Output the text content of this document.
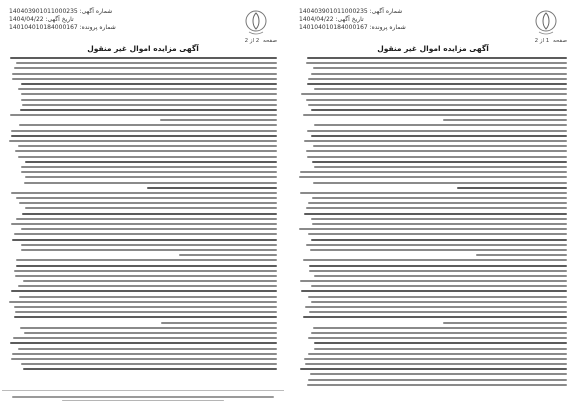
شماره آگهی: 140403901011000235
تاریخ آگهی: 1404/04/22
شماره پرونده: 140104010184000167
صفحه 1 از 2
آگهی مزایده اموال غیر منقول
شماره آگهی: 140403901011000235
تاریخ آگهی: 1404/04/22
شماره پرونده: 140104010184000167
صفحه 2 از 2
آگهی مزایده اموال غیر منقول
